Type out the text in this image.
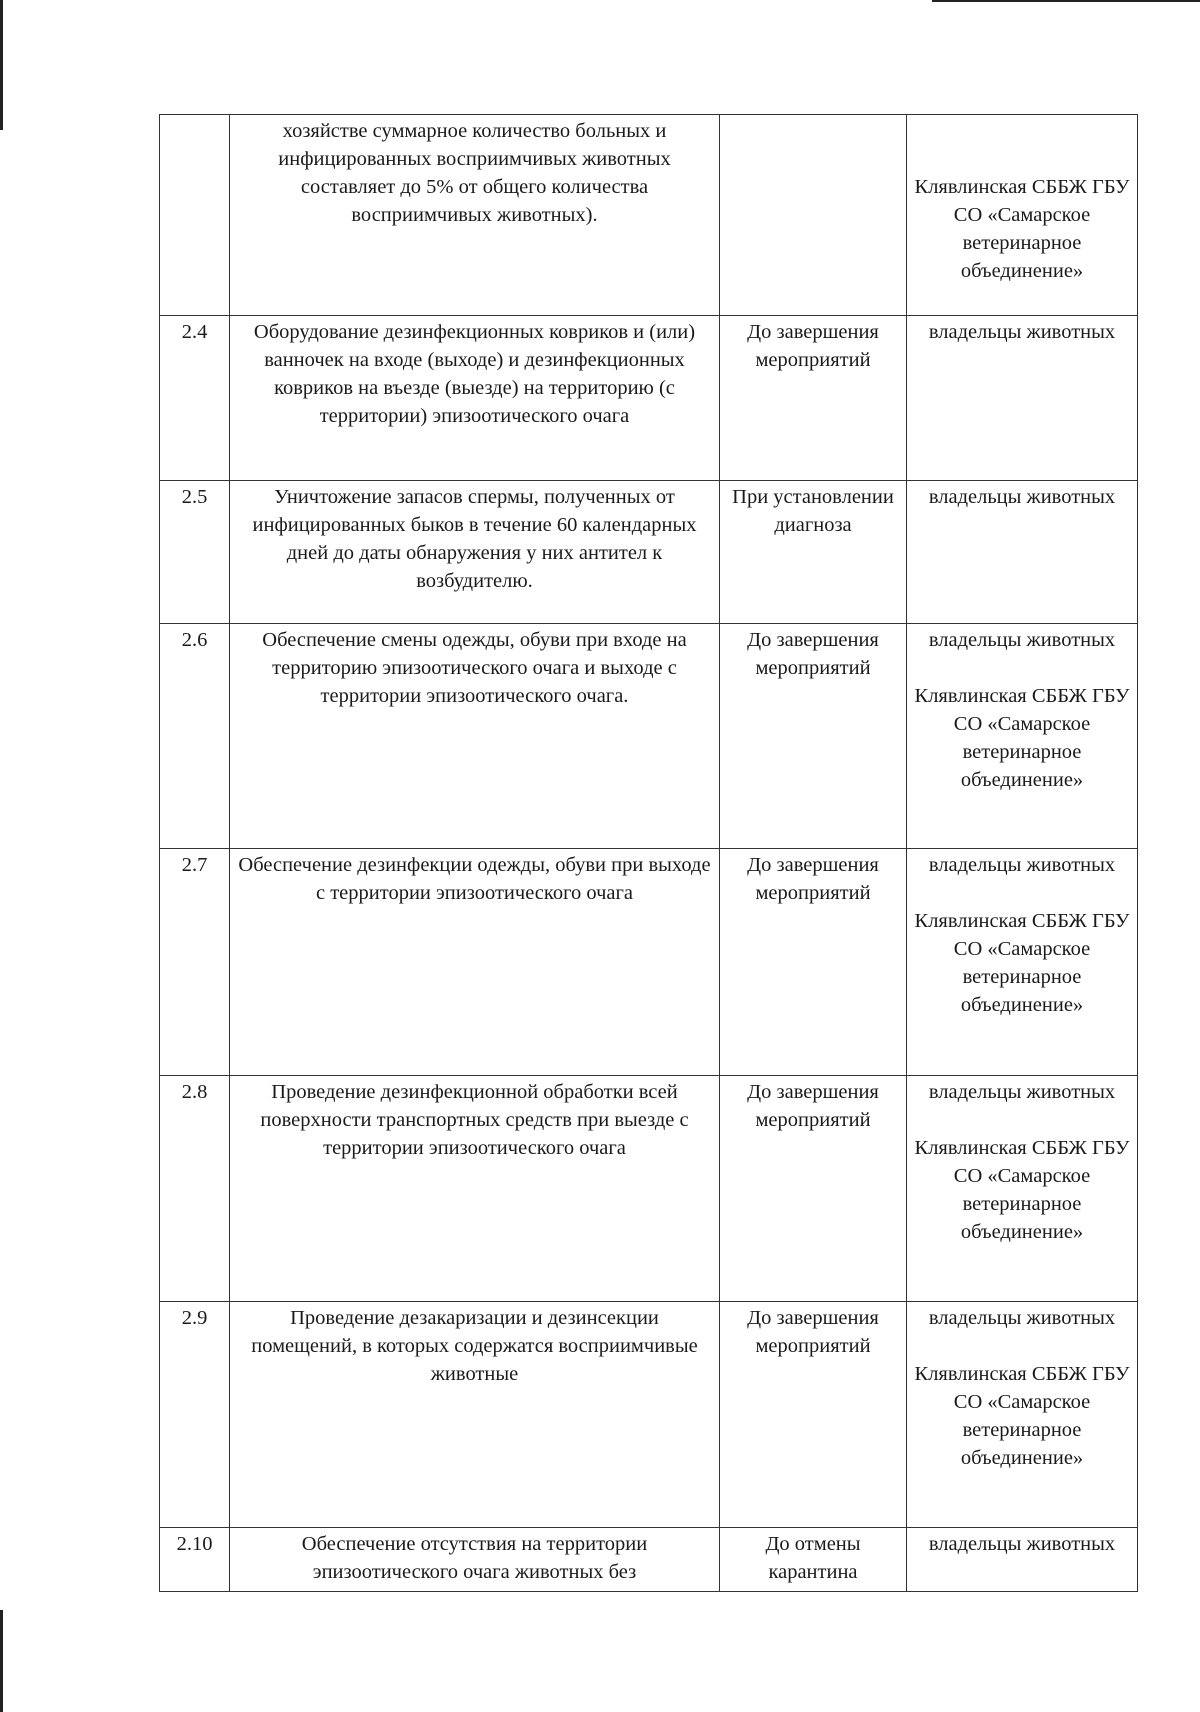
	хозяйстве суммарное количество больных и инфицированных восприимчивых животных составляет до 5% от общего количества восприимчивых животных).		Клявлинская СББЖ ГБУ СО «Самарское ветеринарное объединение»

2.4	Оборудование дезинфекционных ковриков и (или) ванночек на входе (выходе) и дезинфекционных ковриков на въезде (выезде) на территорию (с территории) эпизоотического очага	До завершения мероприятий	владельцы животных

2.5	Уничтожение запасов спермы, полученных от инфицированных быков в течение 60 календарных дней до даты обнаружения у них антител к возбудителю.	При установлении диагноза	владельцы животных

2.6	Обеспечение смены одежды, обуви при входе на территорию эпизоотического очага и выходе с территории эпизоотического очага.	До завершения мероприятий	владельцы животных
Клявлинская СББЖ ГБУ СО «Самарское ветеринарное объединение»

2.7	Обеспечение дезинфекции одежды, обуви при выходе с территории эпизоотического очага	До завершения мероприятий	владельцы животных
Клявлинская СББЖ ГБУ СО «Самарское ветеринарное объединение»

2.8	Проведение дезинфекционной обработки всей поверхности транспортных средств при выезде с территории эпизоотического очага	До завершения мероприятий	владельцы животных
Клявлинская СББЖ ГБУ СО «Самарское ветеринарное объединение»

2.9	Проведение дезакаризации и дезинсекции помещений, в которых содержатся восприимчивые животные	До завершения мероприятий	владельцы животных
Клявлинская СББЖ ГБУ СО «Самарское ветеринарное объединение»

2.10	Обеспечение отсутствия на территории эпизоотического очага животных без	До отмены карантина	владельцы животных
